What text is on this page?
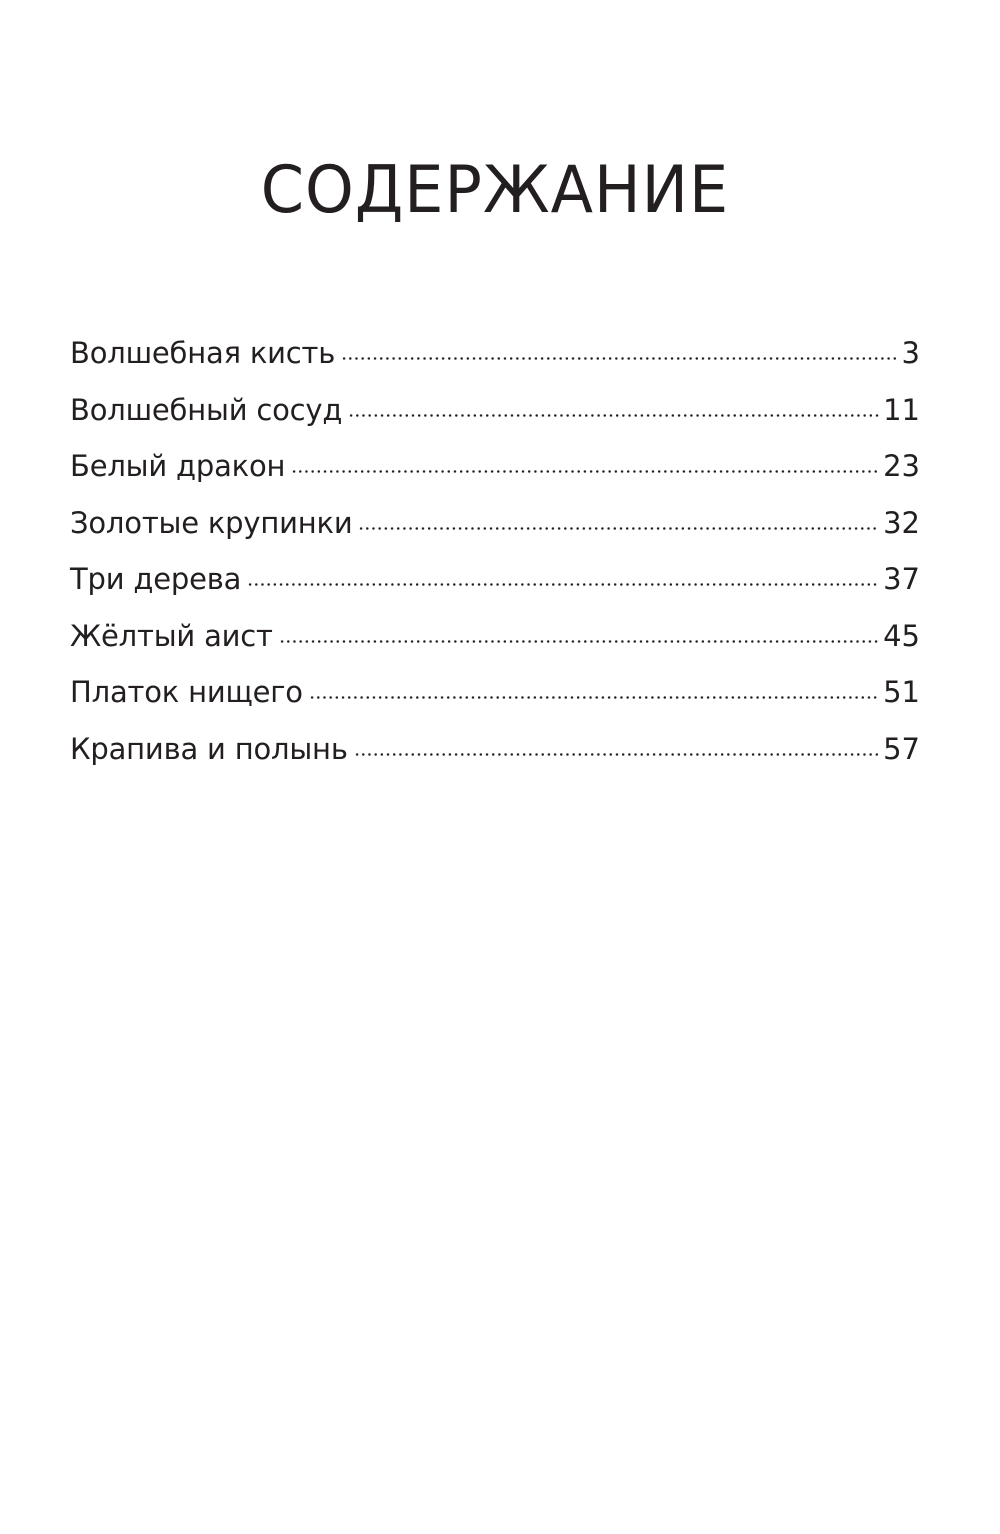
СОДЕРЖАНИЕ
Волшебная кисть	3
Волшебный сосуд	11
Белый дракон	23
Золотые крупинки	32
Три дерева	37
Жёлтый аист	45
Платок нищего	51
Крапива и полынь	57
